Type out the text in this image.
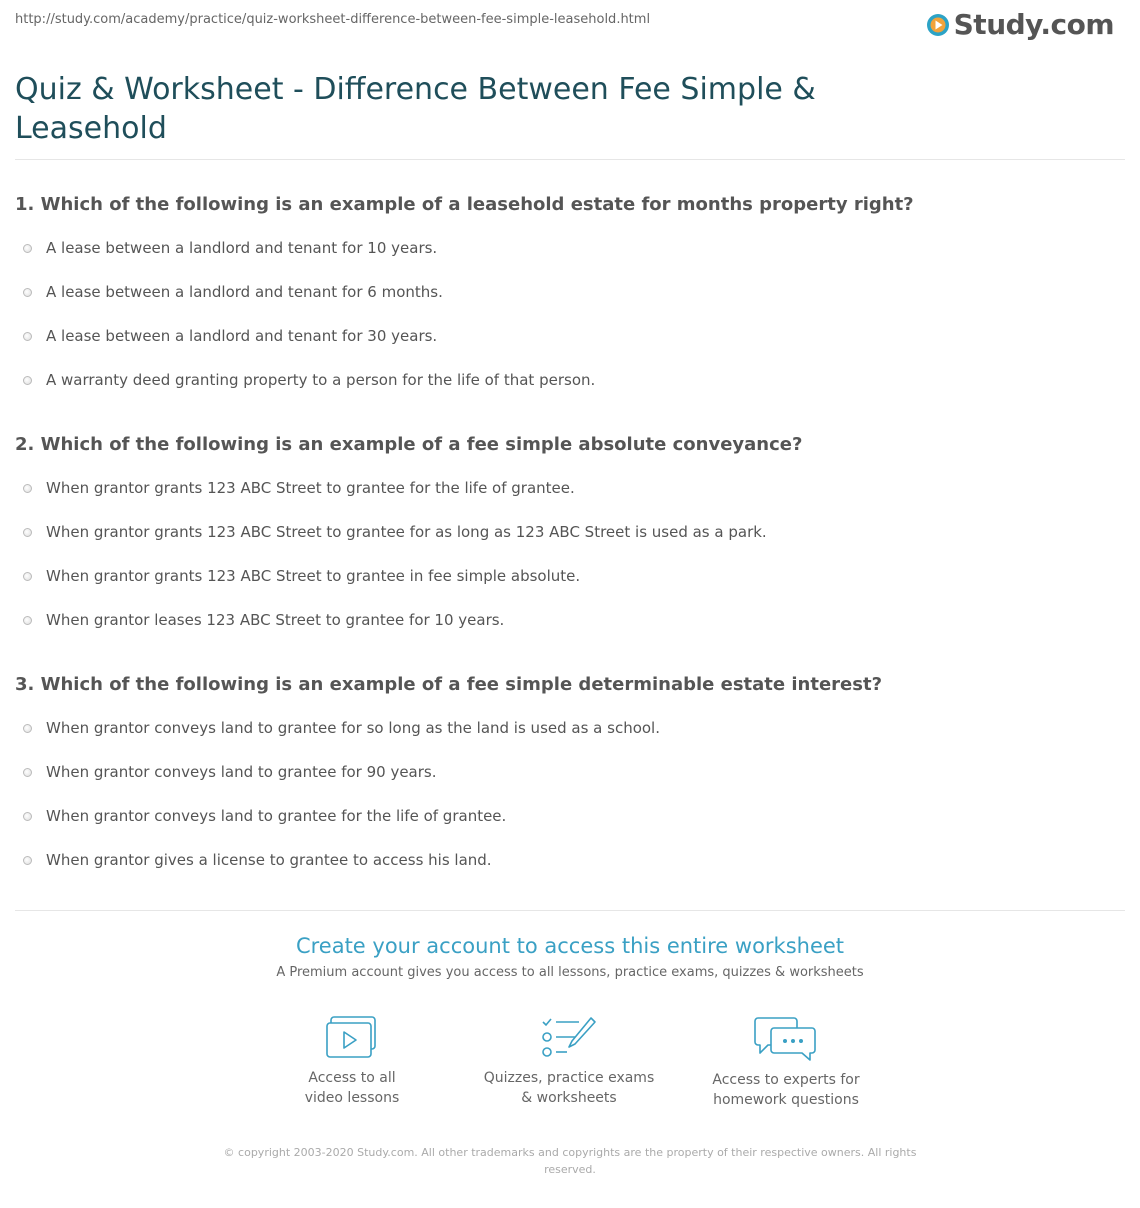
http://study.com/academy/practice/quiz-worksheet-difference-between-fee-simple-leasehold.html	Study.com
Quiz & Worksheet - Difference Between Fee Simple & Leasehold
1. Which of the following is an example of a leasehold estate for months property right?
A lease between a landlord and tenant for 10 years.
A lease between a landlord and tenant for 6 months.
A lease between a landlord and tenant for 30 years.
A warranty deed granting property to a person for the life of that person.
2. Which of the following is an example of a fee simple absolute conveyance?
When grantor grants 123 ABC Street to grantee for the life of grantee.
When grantor grants 123 ABC Street to grantee for as long as 123 ABC Street is used as a park.
When grantor grants 123 ABC Street to grantee in fee simple absolute.
When grantor leases 123 ABC Street to grantee for 10 years.
3. Which of the following is an example of a fee simple determinable estate interest?
When grantor conveys land to grantee for so long as the land is used as a school.
When grantor conveys land to grantee for 90 years.
When grantor conveys land to grantee for the life of grantee.
When grantor gives a license to grantee to access his land.
Create your account to access this entire worksheet
A Premium account gives you access to all lessons, practice exams, quizzes & worksheets
Access to all
video lessons
Quizzes, practice exams
& worksheets
Access to experts for
homework questions
© copyright 2003-2020 Study.com. All other trademarks and copyrights are the property of their respective owners. All rights reserved.
